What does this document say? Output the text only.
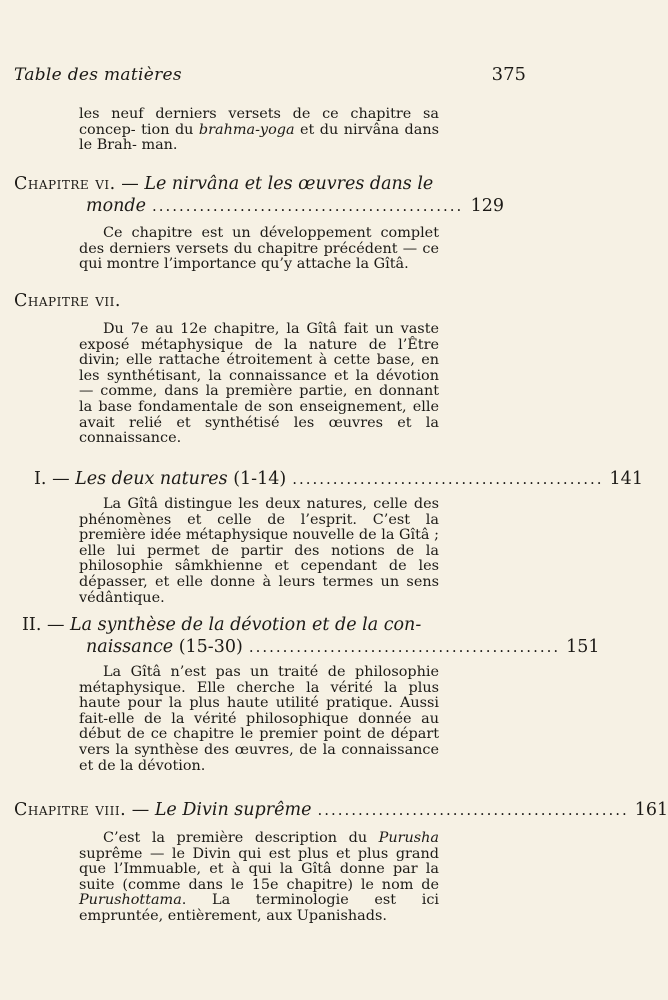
Table des matières	375
les neuf derniers versets de ce chapitre sa concep- tion du brahma-yoga et du nirvâna dans le Brah- man.
Chapitre vi. — Le nirvâna et les œuvres dans le
monde .............................................. 129
Ce chapitre est un développement complet des derniers versets du chapitre précédent — ce qui montre l’importance qu’y attache la Gîtâ.
Chapitre vii.
Du 7e au 12e chapitre, la Gîtâ fait un vaste exposé métaphysique de la nature de l’Être divin; elle rattache étroitement à cette base, en les synthétisant, la connaissance et la dévotion — comme, dans la première partie, en donnant la base fondamentale de son enseignement, elle avait relié et synthétisé les œuvres et la connaissance.
I.
—
Les deux natures
(1-14) .............................................. 141
La Gîtâ distingue les deux natures, celle des phénomènes et celle de l’esprit. C’est la première idée métaphysique nouvelle de la Gîtâ ; elle lui permet de partir des notions de la philosophie sâmkhienne et cependant de les dépasser, et elle donne à leurs termes un sens védântique.
II. — La synthèse de la dévotion et de la con-
naissance
(15-30) .............................................. 151
La Gîtâ n’est pas un traité de philosophie métaphysique. Elle cherche la vérité la plus haute pour la plus haute utilité pratique. Aussi fait-elle de la vérité philosophique donnée au début de ce chapitre le premier point de départ vers la synthèse des œuvres, de la connaissance et de la dévotion.
Chapitre viii.
—
Le Divin suprême .............................................. 161
C’est la première description du Purusha suprême — le Divin qui est plus et plus grand que l’Immuable, et à qui la Gîtâ donne par la suite (comme dans le 15e chapitre) le nom de Purushottama. La terminologie est ici empruntée, entièrement, aux Upanishads.
